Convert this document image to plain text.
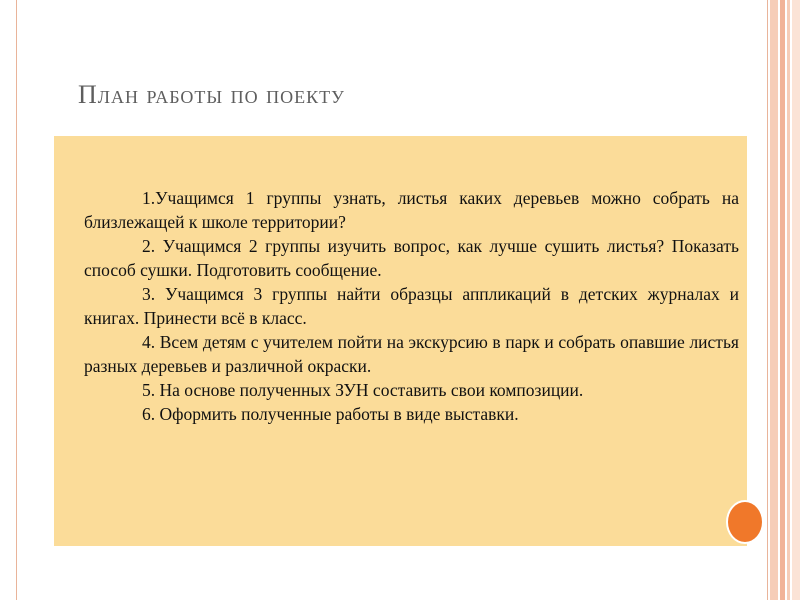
План работы по поекту

1.Учащимся 1 группы узнать, листья каких деревьев можно собрать на близлежащей к школе территории?

2. Учащимся 2 группы изучить вопрос, как лучше сушить листья? Показать способ сушки. Подготовить сообщение.

3. Учащимся 3 группы найти образцы аппликаций в детских журналах и книгах. Принести всё в класс.

4. Всем детям с учителем пойти на экскурсию в парк и собрать опавшие листья разных деревьев и различной окраски.

5. На основе полученных ЗУН составить свои композиции.

6. Оформить полученные работы в виде выставки.
